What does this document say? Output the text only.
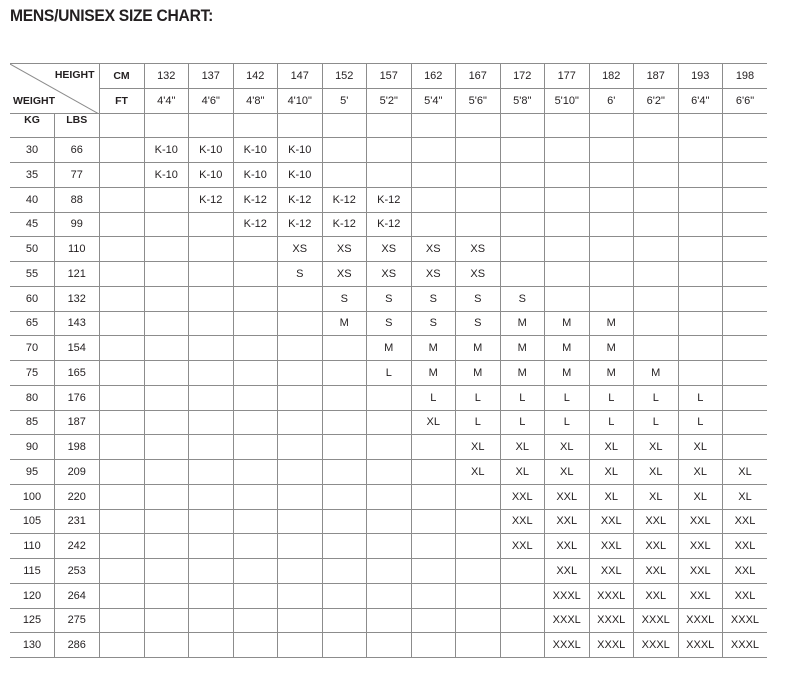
MENS/UNISEX SIZE CHART:
HEIGHT
WEIGHT	CM	132	137	142	147	152	157	162	167	172	177	182	187	193	198
	FT	4'4"	4'6"	4'8"	4'10"	5'	5'2"	5'4"	5'6"	5'8"	5'10"	6'	6'2"	6'4"	6'6"

KG LBS															

30 66		K-10	K-10	K-10	K-10										

35 77		K-10	K-10	K-10	K-10										

40 88			K-12	K-12	K-12	K-12	K-12								

45 99				K-12	K-12	K-12	K-12								

50 110					XS	XS	XS	XS	XS						

55 121					S	XS	XS	XS	XS						

60 132						S	S	S	S	S					

65 143						M	S	S	S	M	M	M			

70 154							M	M	M	M	M	M			

75 165							L	M	M	M	M	M	M		

80 176								L	L	L	L	L	L	L	

85 187								XL	L	L	L	L	L	L	

90 198									XL	XL	XL	XL	XL	XL	

95 209									XL	XL	XL	XL	XL	XL	XL

100 220										XXL	XXL	XL	XL	XL	XL

105 231										XXL	XXL	XXL	XXL	XXL	XXL

110 242										XXL	XXL	XXL	XXL	XXL	XXL

115 253											XXL	XXL	XXL	XXL	XXL

120 264											XXXL	XXXL	XXL	XXL	XXL

125 275											XXXL	XXXL	XXXL	XXXL	XXXL

130 286											XXXL	XXXL	XXXL	XXXL	XXXL
